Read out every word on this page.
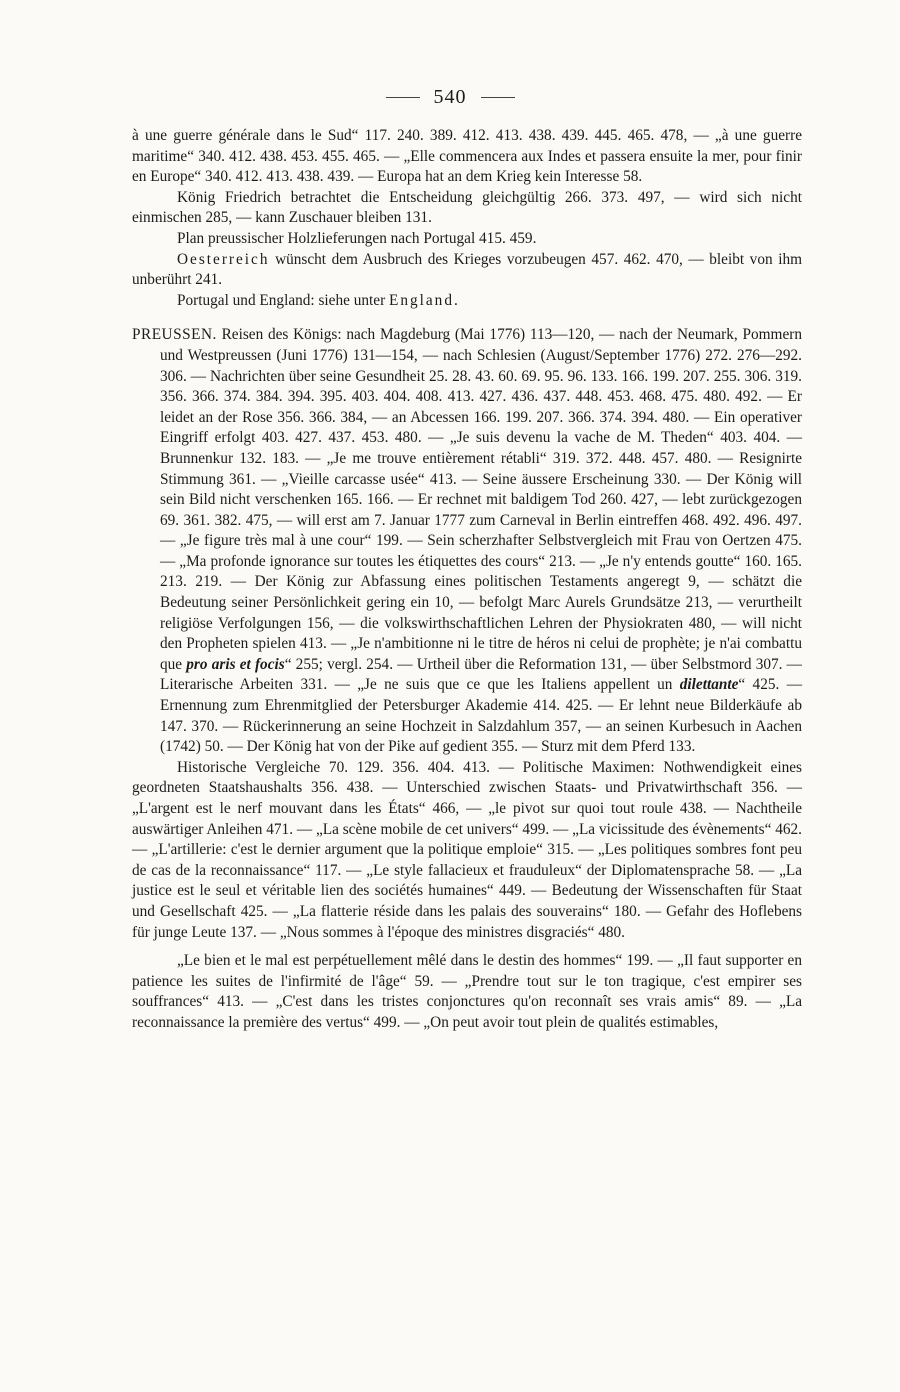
540

à une guerre générale dans le Sud“ 117. 240. 389. 412. 413. 438. 439. 445. 465. 478, — „à une guerre maritime“ 340. 412. 438. 453. 455. 465. — „Elle commencera aux Indes et passera ensuite la mer, pour finir en Europe“ 340. 412. 413. 438. 439. — Europa hat an dem Krieg kein Interesse 58.

König Friedrich betrachtet die Entscheidung gleichgültig 266. 373. 497, — wird sich nicht einmischen 285, — kann Zuschauer bleiben 131.

Plan preussischer Holzlieferungen nach Portugal 415. 459.

Oesterreich wünscht dem Ausbruch des Krieges vorzubeugen 457. 462. 470, — bleibt von ihm unberührt 241.

Portugal und England: siehe unter England.

PREUSSEN. Reisen des Königs: nach Magdeburg (Mai 1776) 113—120, — nach der Neumark, Pommern und Westpreussen (Juni 1776) 131—154, — nach Schlesien (August/September 1776) 272. 276—292. 306. — Nachrichten über seine Gesundheit 25. 28. 43. 60. 69. 95. 96. 133. 166. 199. 207. 255. 306. 319. 356. 366. 374. 384. 394. 395. 403. 404. 408. 413. 427. 436. 437. 448. 453. 468. 475. 480. 492. — Er leidet an der Rose 356. 366. 384, — an Abcessen 166. 199. 207. 366. 374. 394. 480. — Ein operativer Eingriff erfolgt 403. 427. 437. 453. 480. — „Je suis devenu la vache de M. Theden“ 403. 404. — Brunnenkur 132. 183. — „Je me trouve entièrement rétabli“ 319. 372. 448. 457. 480. — Resignirte Stimmung 361. — „Vieille carcasse usée“ 413. — Seine äussere Erscheinung 330. — Der König will sein Bild nicht verschenken 165. 166. — Er rechnet mit baldigem Tod 260. 427, — lebt zurückgezogen 69. 361. 382. 475, — will erst am 7. Januar 1777 zum Carneval in Berlin eintreffen 468. 492. 496. 497. — „Je figure très mal à une cour“ 199. — Sein scherzhafter Selbstvergleich mit Frau von Oertzen 475. — „Ma profonde ignorance sur toutes les étiquettes des cours“ 213. — „Je n'y entends goutte“ 160. 165. 213. 219. — Der König zur Abfassung eines politischen Testaments angeregt 9, — schätzt die Bedeutung seiner Persönlichkeit gering ein 10, — befolgt Marc Aurels Grundsätze 213, — verurtheilt religiöse Verfolgungen 156, — die volkswirthschaftlichen Lehren der Physiokraten 480, — will nicht den Propheten spielen 413. — „Je n'ambitionne ni le titre de héros ni celui de prophète; je n'ai combattu que pro aris et focis“ 255; vergl. 254. — Urtheil über die Reformation 131, — über Selbstmord 307. — Literarische Arbeiten 331. — „Je ne suis que ce que les Italiens appellent un dilettante“ 425. — Ernennung zum Ehrenmitglied der Petersburger Akademie 414. 425. — Er lehnt neue Bilderkäufe ab 147. 370. — Rückerinnerung an seine Hochzeit in Salzdahlum 357, — an seinen Kurbesuch in Aachen (1742) 50. — Der König hat von der Pike auf gedient 355. — Sturz mit dem Pferd 133.

Historische Vergleiche 70. 129. 356. 404. 413. — Politische Maximen: Nothwendigkeit eines geordneten Staatshaushalts 356. 438. — Unterschied zwischen Staats- und Privatwirthschaft 356. — „L'argent est le nerf mouvant dans les États“ 466, — „le pivot sur quoi tout roule 438. — Nachtheile auswärtiger Anleihen 471. — „La scène mobile de cet univers“ 499. — „La vicissitude des évènements“ 462. — „L'artillerie: c'est le dernier argument que la politique emploie“ 315. — „Les politiques sombres font peu de cas de la reconnaissance“ 117. — „Le style fallacieux et frauduleux“ der Diplomatensprache 58. — „La justice est le seul et véritable lien des sociétés humaines“ 449. — Bedeutung der Wissenschaften für Staat und Gesellschaft 425. — „La flatterie réside dans les palais des souverains“ 180. — Gefahr des Hoflebens für junge Leute 137. — „Nous sommes à l'époque des ministres disgraciés“ 480.

„Le bien et le mal est perpétuellement mêlé dans le destin des hommes“ 199. — „Il faut supporter en patience les suites de l'infirmité de l'âge“ 59. — „Prendre tout sur le ton tragique, c'est empirer ses souffrances“ 413. — „C'est dans les tristes conjonctures qu'on reconnaît ses vrais amis“ 89. — „La reconnaissance la première des vertus“ 499. — „On peut avoir tout plein de qualités estimables,
